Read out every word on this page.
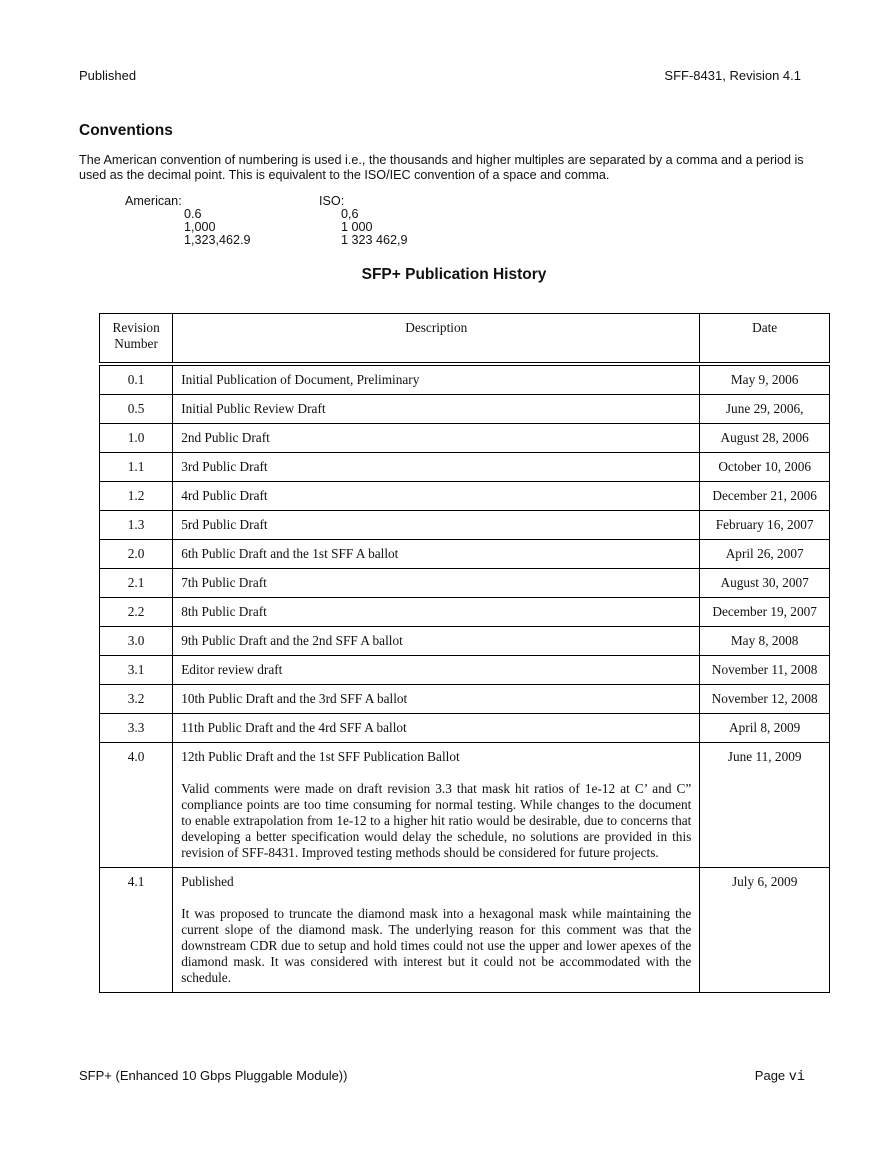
Published	SFF-8431, Revision 4.1
Conventions
The American convention of numbering is used i.e., the thousands and higher multiples are separated by a comma and a period is used as the decimal point. This is equivalent to the ISO/IEC convention of a space and comma.
American:
0.6
1,000
1,323,462.9
ISO:
0,6
1 000
1 323 462,9
SFP+ Publication History
Revision Number	Description	Date
0.1	Initial Publication of Document, Preliminary	May 9, 2006
0.5	Initial Public Review Draft	June 29, 2006,
1.0	2nd Public Draft	August 28, 2006
1.1	3rd Public Draft	October 10, 2006
1.2	4rd Public Draft	December 21, 2006
1.3	5rd Public Draft	February 16, 2007
2.0	6th Public Draft and the 1st SFF A ballot	April 26, 2007
2.1	7th Public Draft	August 30, 2007
2.2	8th Public Draft	December 19, 2007
3.0	9th Public Draft and the 2nd SFF A ballot	May 8, 2008
3.1	Editor review draft	November 11, 2008
3.2	10th Public Draft and the 3rd SFF A ballot	November 12, 2008
3.3	11th Public Draft and the 4rd SFF A ballot	April 8, 2009
4.0	12th Public Draft and the 1st SFF Publication Ballot
Valid comments were made on draft revision 3.3 that mask hit ratios of 1e-12 at C’ and C” compliance points are too time consuming for normal testing. While changes to the document to enable extrapolation from 1e-12 to a higher hit ratio would be desirable, due to concerns that developing a better specification would delay the schedule, no solutions are provided in this revision of SFF-8431. Improved testing methods should be considered for future projects.	June 11, 2009
4.1	Published
It was proposed to truncate the diamond mask into a hexagonal mask while maintaining the current slope of the diamond mask. The underlying reason for this comment was that the downstream CDR due to setup and hold times could not use the upper and lower apexes of the diamond mask. It was considered with interest but it could not be accommodated with the schedule.	July 6, 2009
SFP+ (Enhanced 10 Gbps Pluggable Module))	Page vi
